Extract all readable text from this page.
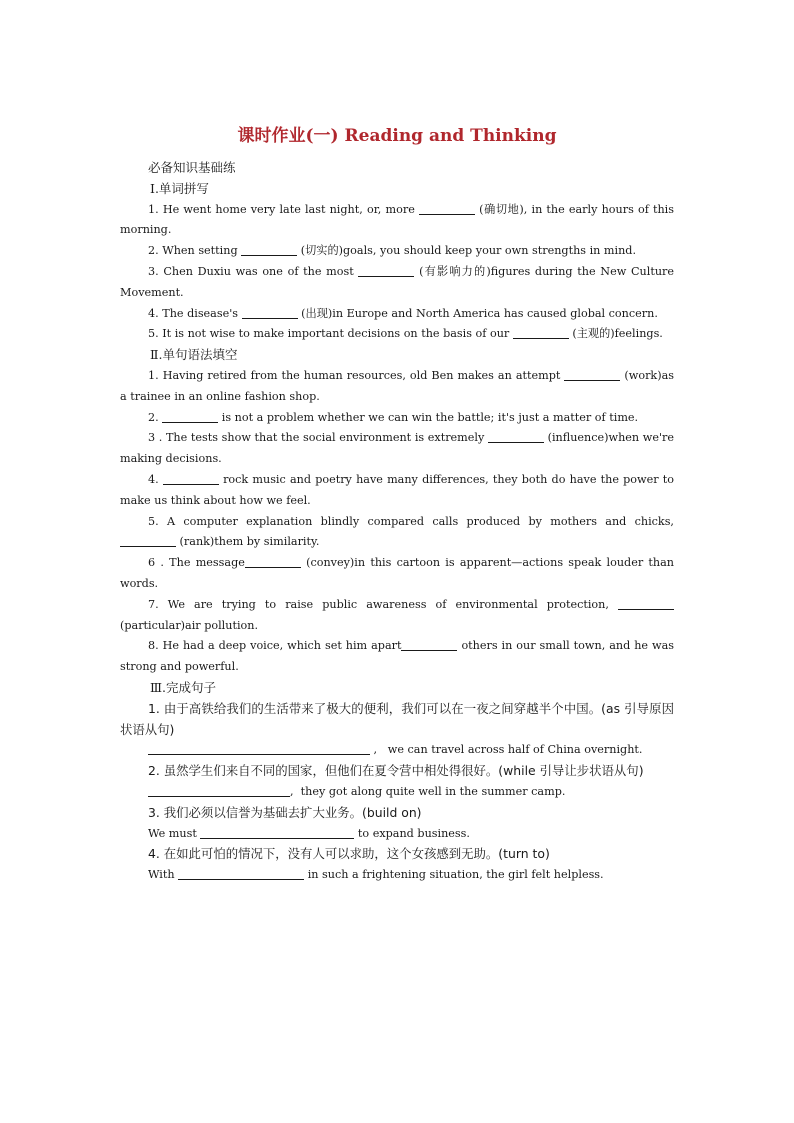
课时作业(一) Reading and Thinking

必备知识基础练

Ⅰ.单词拼写

1. He went home very late last night, or, more	(确切地), in the early hours of this morning.

2. When setting	(切实的)goals, you should keep your own strengths in mind.

3. Chen Duxiu was one of the most	(有影响力的)figures during the New Culture Movement.

4. The disease's	(出现)in Europe and North America has caused global concern.

5. It is not wise to make important decisions on the basis of our	(主观的)feelings.

Ⅱ.单句语法填空

1. Having retired from the human resources, old Ben makes an attempt	(work)as a trainee in an online fashion shop.

2.	is not a problem whether we can win the battle; it's just a matter of time.

3 . The tests show that the social environment is extremely	(influence)when we're making decisions.

4.	rock music and poetry have many differences, they both do have the power to make us think about how we feel.

5. A computer explanation blindly compared calls produced by mothers and chicks,  (rank)them by similarity.

6 . The message	(convey)in this cartoon is apparent—actions speak louder than words.

7. We are trying to raise public awareness of environmental protection,  (particular)air pollution.

8. He had a deep voice, which set him apart	others in our small town, and he was strong and powerful.

Ⅲ.完成句子

1. 由于高铁给我们的生活带来了极大的便利，我们可以在一夜之间穿越半个中国。(as 引导原因状语从句)

,   we can travel across half of China overnight.

2. 虽然学生们来自不同的国家，但他们在夏令营中相处得很好。(while 引导让步状语从句)

,  they got along quite well in the summer camp.

3. 我们必须以信誉为基础去扩大业务。(build on)

We must	to expand business.

4. 在如此可怕的情况下，没有人可以求助，这个女孩感到无助。(turn to)

With	in such a frightening situation, the girl felt helpless.
